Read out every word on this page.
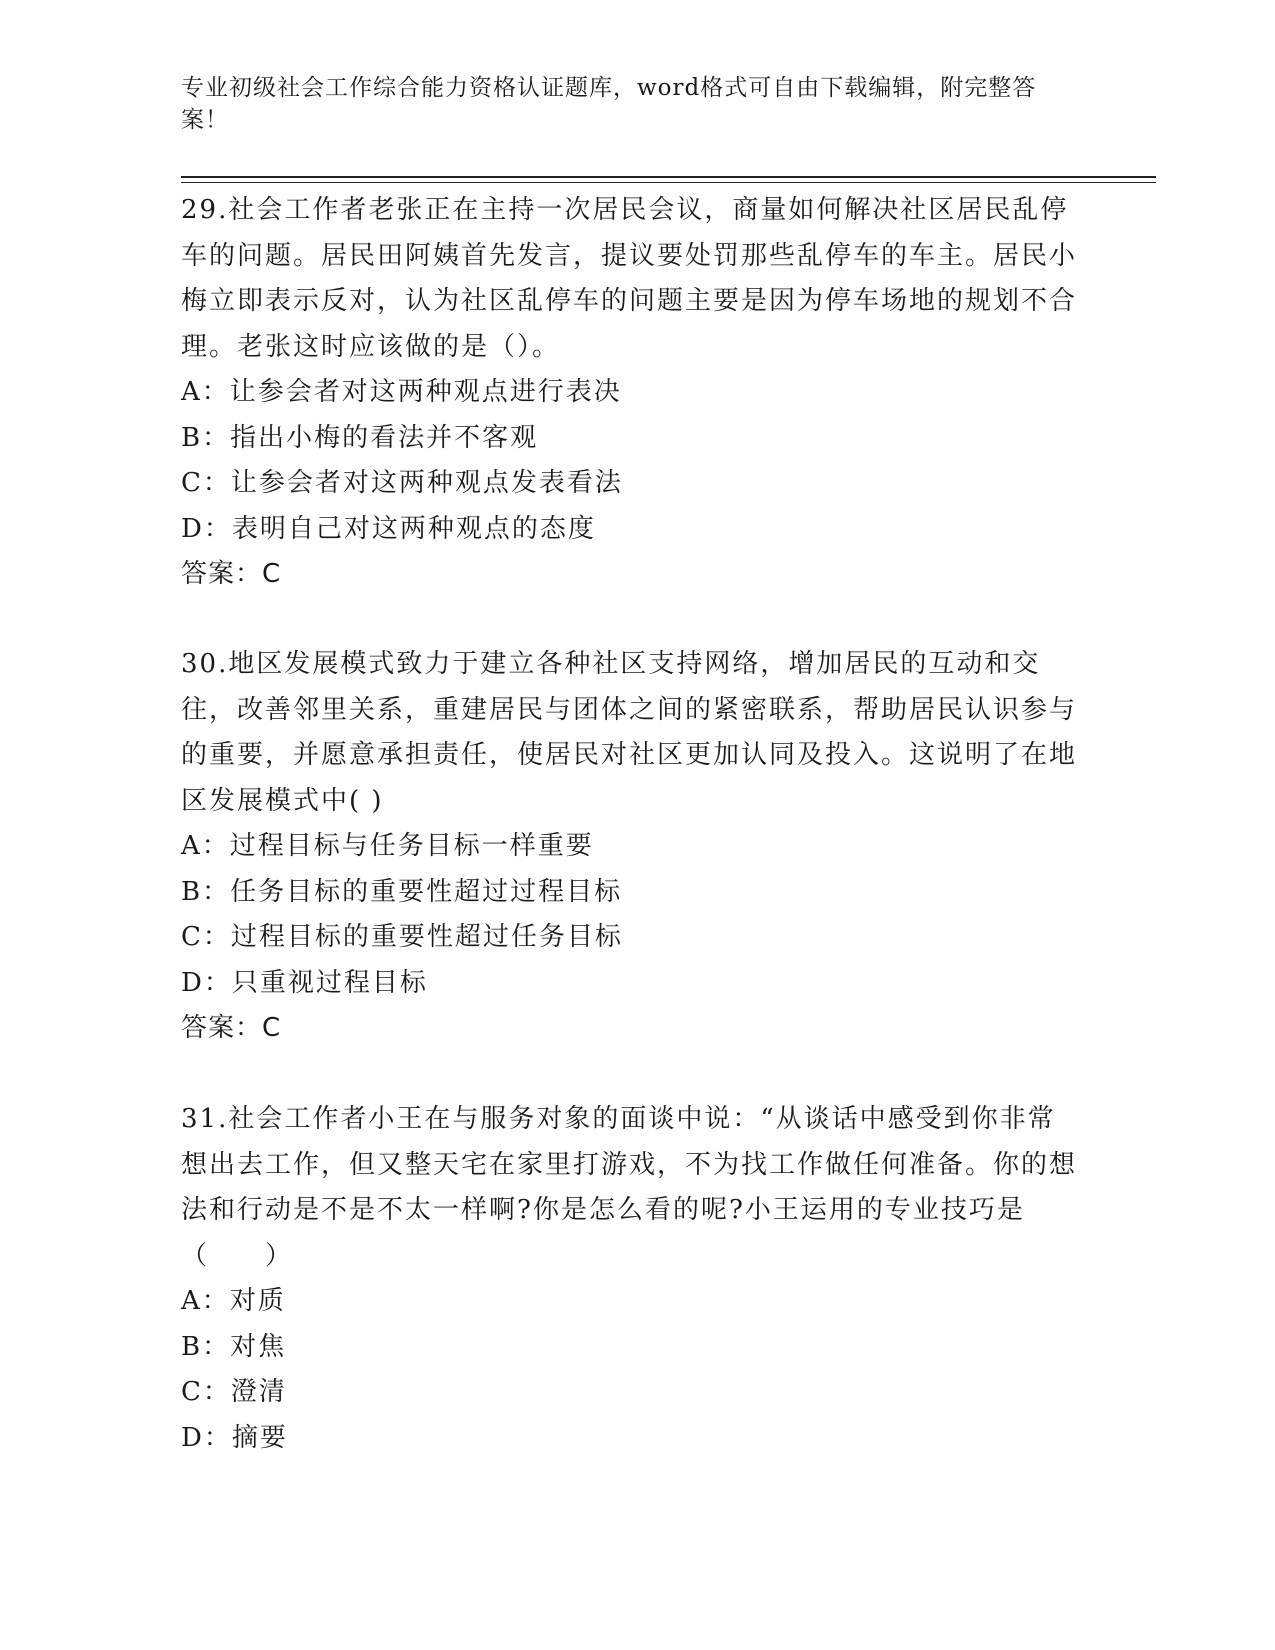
专业初级社会工作综合能力资格认证题库，word格式可自由下载编辑，附完整答案！

29.社会工作者老张正在主持一次居民会议，商量如何解决社区居民乱停车的问题。居民田阿姨首先发言，提议要处罚那些乱停车的车主。居民小梅立即表示反对，认为社区乱停车的问题主要是因为停车场地的规划不合理。老张这时应该做的是（）。

A：让参会者对这两种观点进行表决

B：指出小梅的看法并不客观

C：让参会者对这两种观点发表看法

D：表明自己对这两种观点的态度

答案：C

30.地区发展模式致力于建立各种社区支持网络，增加居民的互动和交往，改善邻里关系，重建居民与团体之间的紧密联系，帮助居民认识参与的重要，并愿意承担责任，使居民对社区更加认同及投入。这说明了在地区发展模式中( )

A：过程目标与任务目标一样重要

B：任务目标的重要性超过过程目标

C：过程目标的重要性超过任务目标

D：只重视过程目标

答案：C

31.社会工作者小王在与服务对象的面谈中说：“从谈话中感受到你非常想出去工作，但又整天宅在家里打游戏，不为找工作做任何准备。你的想法和行动是不是不太一样啊?你是怎么看的呢?小王运用的专业技巧是（　　）

A：对质

B：对焦

C：澄清

D：摘要
